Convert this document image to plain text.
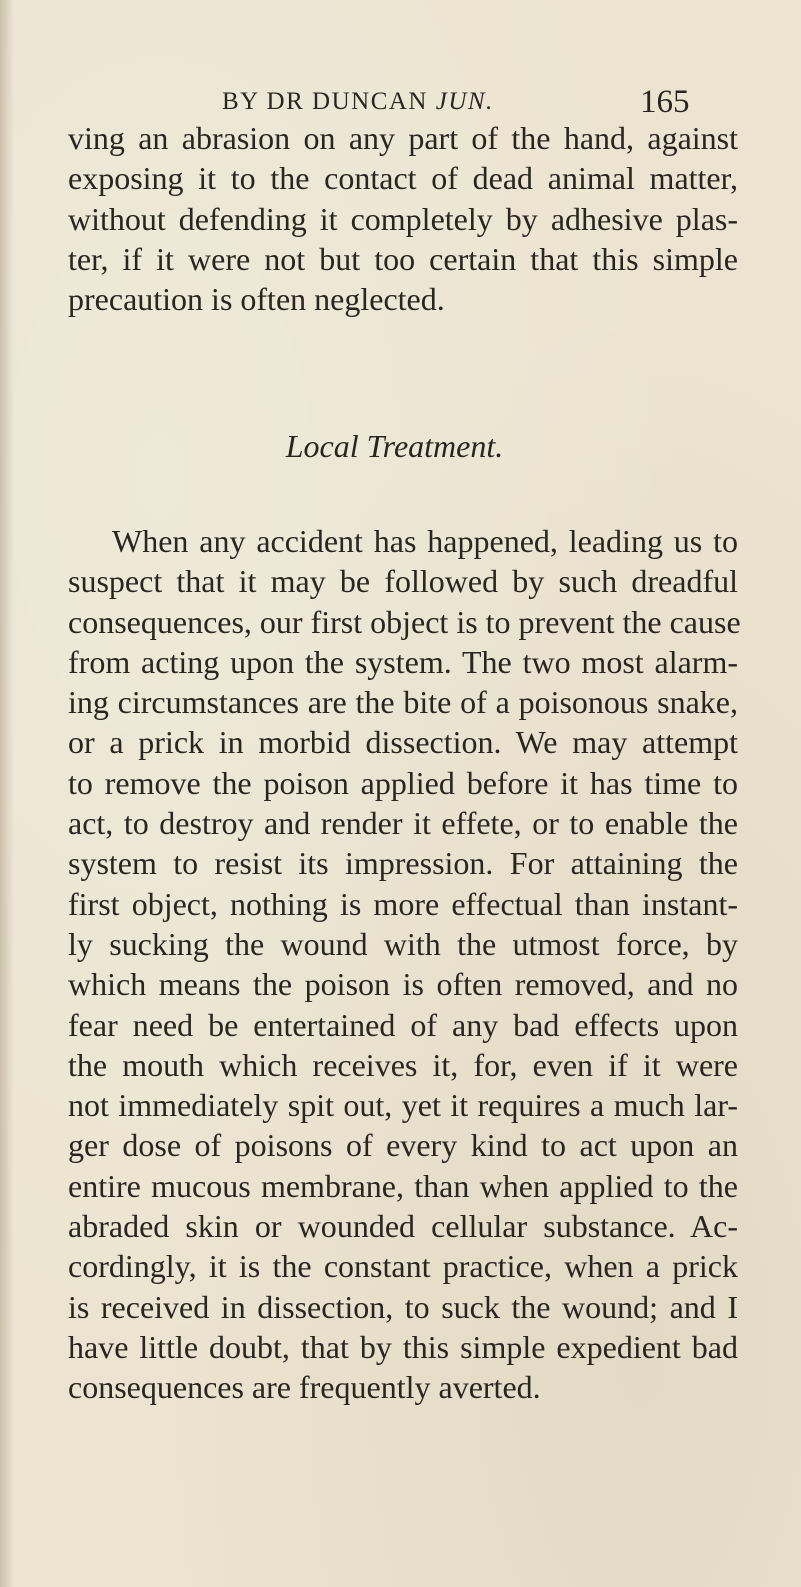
BY DR DUNCAN JUN.	165
ving an abrasion on any part of the hand, against
exposing it to the contact of dead animal matter,
without defending it completely by adhesive plas-
ter, if it were not but too certain that this simple
precaution is often neglected.
Local Treatment.
When any accident has happened, leading us to
suspect that it may be followed by such dreadful
consequences, our first object is to prevent the cause
from acting upon the system. The two most alarm-
ing circumstances are the bite of a poisonous snake,
or a prick in morbid dissection. We may attempt
to remove the poison applied before it has time to
act, to destroy and render it effete, or to enable the
system to resist its impression. For attaining the
first object, nothing is more effectual than instant-
ly sucking the wound with the utmost force, by
which means the poison is often removed, and no
fear need be entertained of any bad effects upon
the mouth which receives it, for, even if it were
not immediately spit out, yet it requires a much lar-
ger dose of poisons of every kind to act upon an
entire mucous membrane, than when applied to the
abraded skin or wounded cellular substance. Ac-
cordingly, it is the constant practice, when a prick
is received in dissection, to suck the wound; and I
have little doubt, that by this simple expedient bad
consequences are frequently averted.
